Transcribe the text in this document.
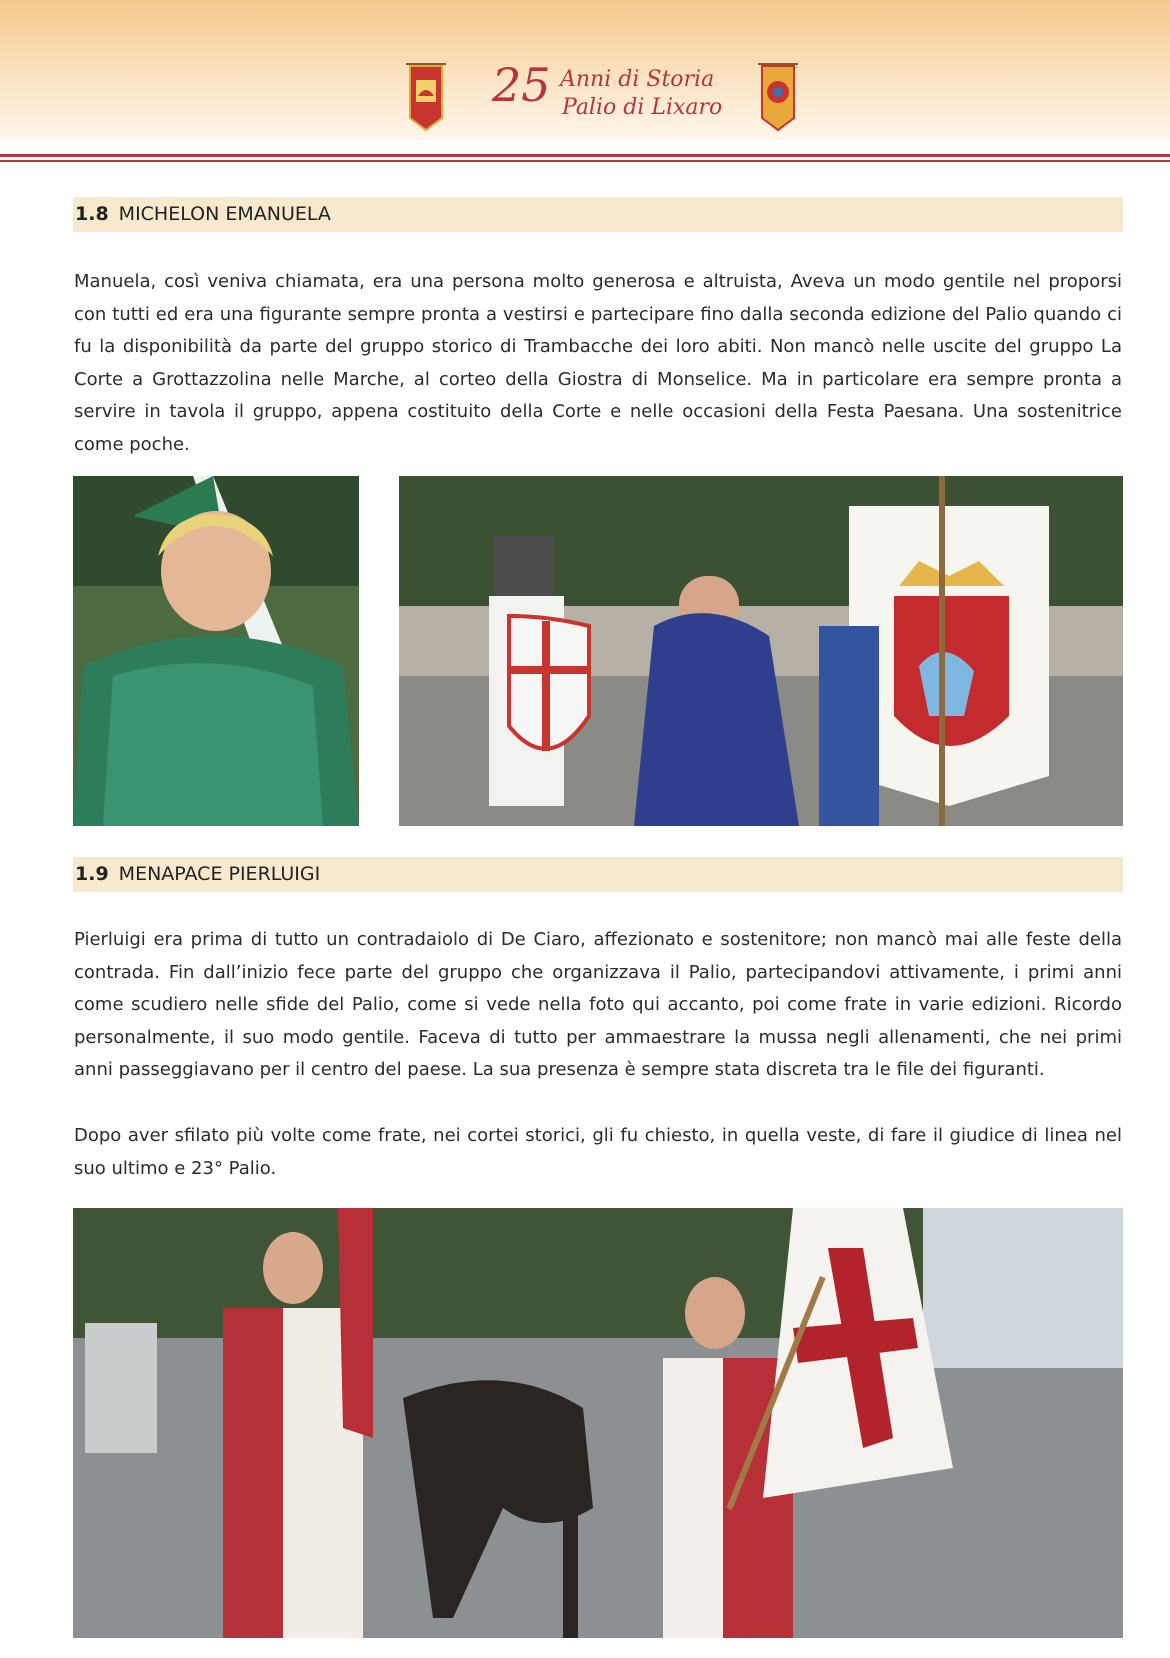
25 Anni di Storia
Palio di Lixaro
1.8 MICHELON EMANUELA
Manuela, così veniva chiamata, era una persona molto generosa e altruista, Aveva un modo gentile nel proporsi con tutti ed era una figurante sempre pronta a vestirsi e partecipare fino dalla seconda edizione del Palio quando ci fu la disponibilità da parte del gruppo storico di Trambacche dei loro abiti. Non mancò nelle uscite del gruppo La Corte a Grottazzolina nelle Marche, al corteo della Giostra di Monselice. Ma in particolare era sempre pronta a servire in tavola il gruppo, appena costituito della Corte e nelle occasioni della Festa Paesana. Una sostenitrice come poche.
1.9 MENAPACE PIERLUIGI
Pierluigi era prima di tutto un contradaiolo di De Ciaro, affezionato e sostenitore; non mancò mai alle feste della contrada. Fin dall’inizio fece parte del gruppo che organizzava il Palio, partecipandovi attivamente, i primi anni come scudiero nelle sfide del Palio, come si vede nella foto qui accanto, poi come frate in varie edizioni. Ricordo personalmente, il suo modo gentile. Faceva di tutto per ammaestrare la mussa negli allenamenti, che nei primi anni passeggiavano per il centro del paese. La sua presenza è sempre stata discreta tra le file dei figuranti.
Dopo aver sfilato più volte come frate, nei cortei storici, gli fu chiesto, in quella veste, di fare il giudice di linea nel suo ultimo e 23° Palio.
